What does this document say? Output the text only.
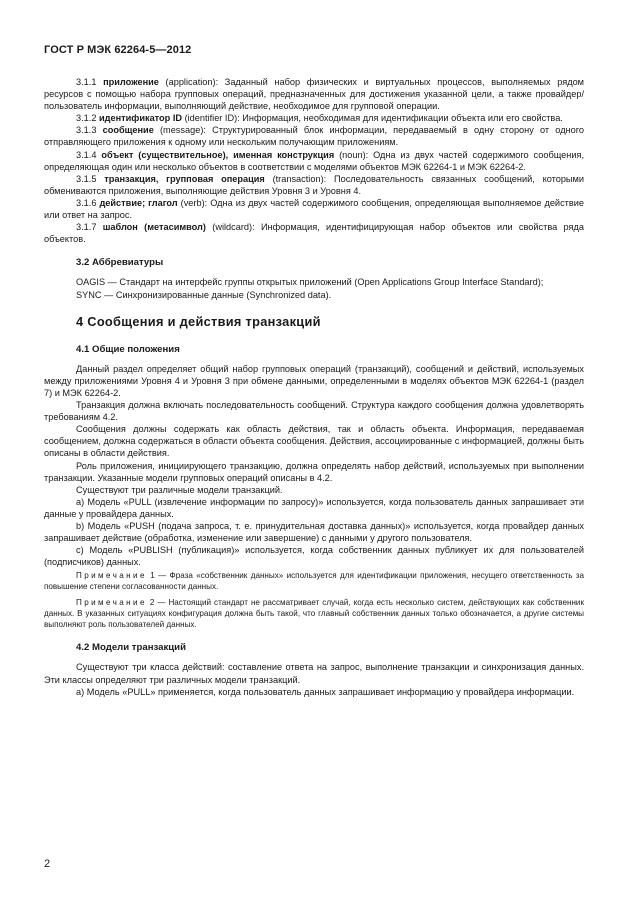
ГОСТ Р МЭК 62264-5—2012

3.1.1 приложение (application): Заданный набор физических и виртуальных процессов, выполняемых рядом ресурсов с помощью набора групповых операций, предназначенных для достижения указанной цели, а также провайдер/пользователь информации, выполняющий действие, необходимое для групповой операции.

3.1.2 идентификатор ID (identifier ID): Информация, необходимая для идентификации объекта или его свойства.

3.1.3 сообщение (message): Структурированный блок информации, передаваемый в одну сторону от одного отправляющего приложения к одному или нескольким получающим приложениям.

3.1.4 объект (существительное), именная конструкция (noun): Одна из двух частей содержимого сообщения, определяющая один или несколько объектов в соответствии с моделями объектов МЭК 62264-1 и МЭК 62264-2.

3.1.5 транзакция, групповая операция (transaction): Последовательность связанных сообщений, которыми обмениваются приложения, выполняющие действия Уровня 3 и Уровня 4.

3.1.6 действие; глагол (verb): Одна из двух частей содержимого сообщения, определяющая выполняемое действие или ответ на запрос.

3.1.7 шаблон (метасимвол) (wildcard): Информация, идентифицирующая набор объектов или свойства ряда объектов.

3.2 Аббревиатуры

OAGIS — Стандарт на интерфейс группы открытых приложений (Open Applications Group Interface Standard);

SYNC — Синхронизированные данные (Synchronized data).

4 Сообщения и действия транзакций
4.1 Общие положения

Данный раздел определяет общий набор групповых операций (транзакций), сообщений и действий, используемых между приложениями Уровня 4 и Уровня 3 при обмене данными, определенными в моделях объектов МЭК 62264-1 (раздел 7) и МЭК 62264-2.

Транзакция должна включать последовательность сообщений. Структура каждого сообщения должна удовлетворять требованиям 4.2.

Сообщения должны содержать как область действия, так и область объекта. Информация, передаваемая сообщением, должна содержаться в области объекта сообщения. Действия, ассоциированные с информацией, должны быть описаны в области действия.

Роль приложения, инициирующего транзакцию, должна определять набор действий, используемых при выполнении транзакции. Указанные модели групповых операций описаны в 4.2.

Существуют три различные модели транзакций.

a) Модель «PULL (извлечение информации по запросу)» используется, когда пользователь данных запрашивает эти данные у провайдера данных.

b) Модель «PUSH (подача запроса, т. е. принудительная доставка данных)» используется, когда провайдер данных запрашивает действие (обработка, изменение или завершение) с данными у другого пользователя.

c) Модель «PUBLISH (публикация)» используется, когда собственник данных публикует их для пользователей (подписчиков) данных.

Примечание 1 — Фраза «собственник данных» используется для идентификации приложения, несущего ответственность за повышение степени согласованности данных.

Примечание 2 — Настоящий стандарт не рассматривает случай, когда есть несколько систем, действующих как собственник данных. В указанных ситуациях конфигурация должна быть такой, что главный собственник данных только обозначается, а другие системы выполняют роль пользователей данных.

4.2 Модели транзакций

Существуют три класса действий: составление ответа на запрос, выполнение транзакции и синхронизация данных. Эти классы определяют три различных модели транзакций.

a) Модель «PULL» применяется, когда пользователь данных запрашивает информацию у провайдера информации.

2
